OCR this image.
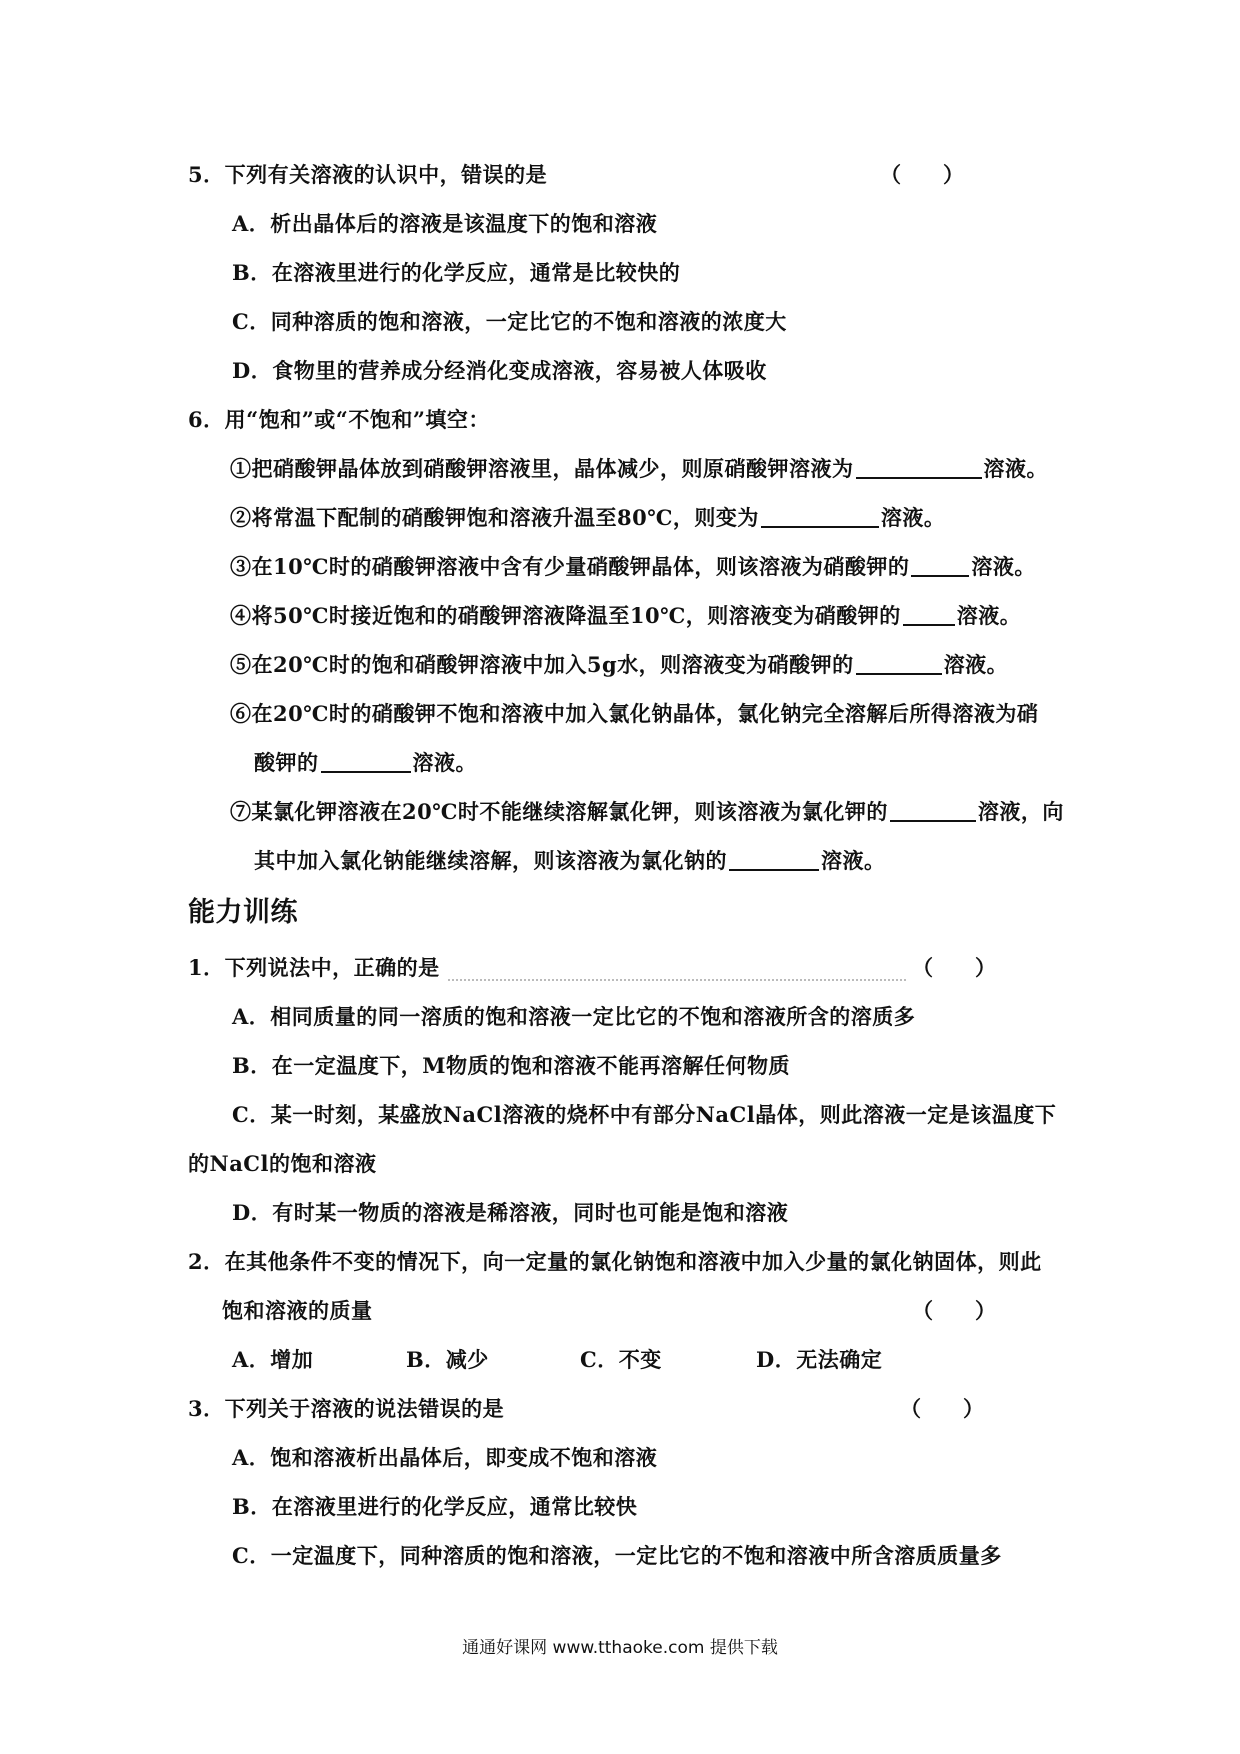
5．下列有关溶液的认识中，错误的是	（　　）
A．析出晶体后的溶液是该温度下的饱和溶液
B．在溶液里进行的化学反应，通常是比较快的
C．同种溶质的饱和溶液，一定比它的不饱和溶液的浓度大
D．食物里的营养成分经消化变成溶液，容易被人体吸收
6．用“饱和”或“不饱和”填空：
①把硝酸钾晶体放到硝酸钾溶液里，晶体减少，则原硝酸钾溶液为	溶液。
②将常温下配制的硝酸钾饱和溶液升温至80℃，则变为	溶液。
③在10℃时的硝酸钾溶液中含有少量硝酸钾晶体，则该溶液为硝酸钾的	溶液。
④将50℃时接近饱和的硝酸钾溶液降温至10℃，则溶液变为硝酸钾的	溶液。
⑤在20℃时的饱和硝酸钾溶液中加入5g水，则溶液变为硝酸钾的	溶液。
⑥在20℃时的硝酸钾不饱和溶液中加入氯化钠晶体，氯化钠完全溶解后所得溶液为硝
酸钾的	溶液。
⑦某氯化钾溶液在20℃时不能继续溶解氯化钾，则该溶液为氯化钾的	溶液，向
其中加入氯化钠能继续溶解，则该溶液为氯化钠的	溶液。
能力训练
1．下列说法中，正确的是	（　　）
A．相同质量的同一溶质的饱和溶液一定比它的不饱和溶液所含的溶质多
B．在一定温度下，M物质的饱和溶液不能再溶解任何物质
C．某一时刻，某盛放NaCl溶液的烧杯中有部分NaCl晶体，则此溶液一定是该温度下
的NaCl的饱和溶液
D．有时某一物质的溶液是稀溶液，同时也可能是饱和溶液
2．在其他条件不变的情况下，向一定量的氯化钠饱和溶液中加入少量的氯化钠固体，则此
饱和溶液的质量	（　　）
A．增加	B．减少	C．不变	D．无法确定
3．下列关于溶液的说法错误的是	（　　）
A．饱和溶液析出晶体后，即变成不饱和溶液
B．在溶液里进行的化学反应，通常比较快
C．一定温度下，同种溶质的饱和溶液，一定比它的不饱和溶液中所含溶质质量多
通通好课网 www.tthaoke.com 提供下载
